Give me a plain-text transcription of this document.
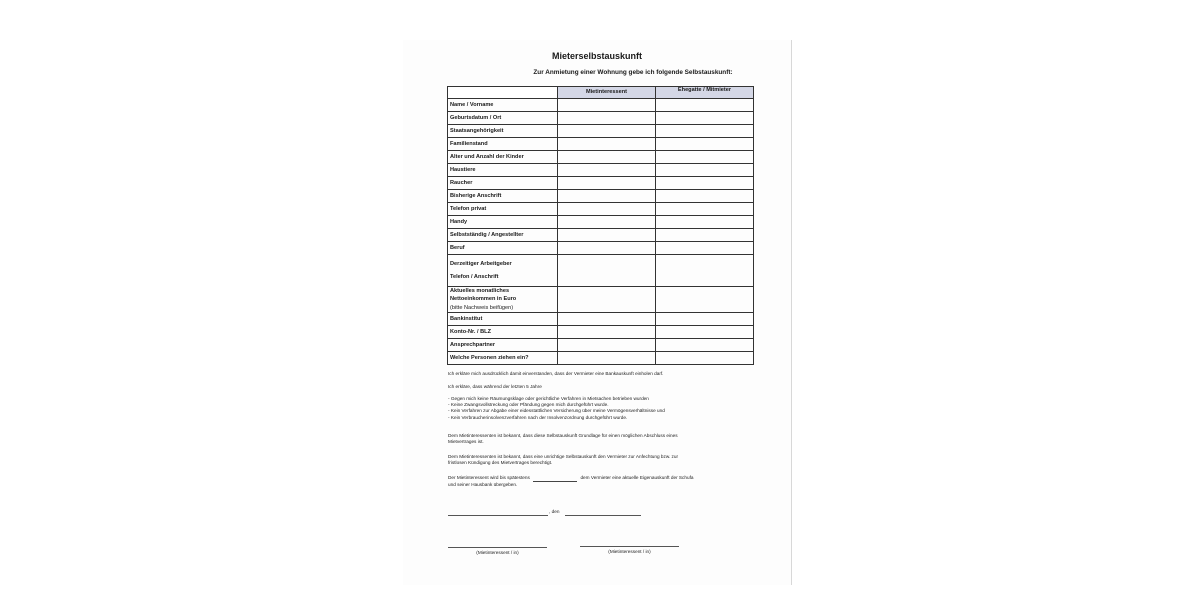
Mieterselbstauskunft
Zur Anmietung einer Wohnung gebe ich folgende Selbstauskunft:
	Mietinteressent	Ehegatte / Mitmieter
Name / Vorname		
Geburtsdatum / Ort		
Staatsangehörigkeit		
Familienstand		
Alter und Anzahl der Kinder		
Haustiere		
Raucher		
Bisherige Anschrift		
Telefon privat		
Handy		
Selbstständig / Angestellter		
Beruf		

Derzeitiger Arbeitgeber
Telefon / Anschrift		

Aktuelles monatliches
Nettoeinkommen in Euro
(bitte Nachweis beifügen)		

Bankinstitut		
Konto-Nr. / BLZ		
Ansprechpartner		
Welche Personen ziehen ein?		
Ich erkläre mich ausdrücklich damit einverstanden, dass der Vermieter eine Bankauskunft einholen darf.
Ich erkläre, dass während der letzten 5 Jahre
- Gegen mich keine Räumungsklage oder gerichtliche Verfahren in Mietsachen betrieben wurden
- Keine Zwangsvollstreckung oder Pfändung gegen mich durchgeführt wurde.
- Kein Verfahren zur Abgabe einer eidesstattlichen Versicherung über meine Vermögensverhältnisse und
- Kein Verbraucherinsolvenzverfahren nach der Insolvenzordnung durchgeführt wurde.
Dem Mietinteressenten ist bekannt, dass diese Selbstauskunft Grundlage für einen möglichen Abschluss eines
Mietvertrages ist.
Dem Mietinteressenten ist bekannt, dass eine unrichtige Selbstauskunft den Vermieter zur Anfechtung bzw. zur
fristlosen Kündigung des Mietvertrages berechtigt.
Der Mietinteressent wird bis spätestens	dem Vermieter eine aktuelle Eigenauskunft der Schufa
und seiner Hausbank übergeben.
, den
(Mietinteressent / in)	(Mietinteressent / in)
